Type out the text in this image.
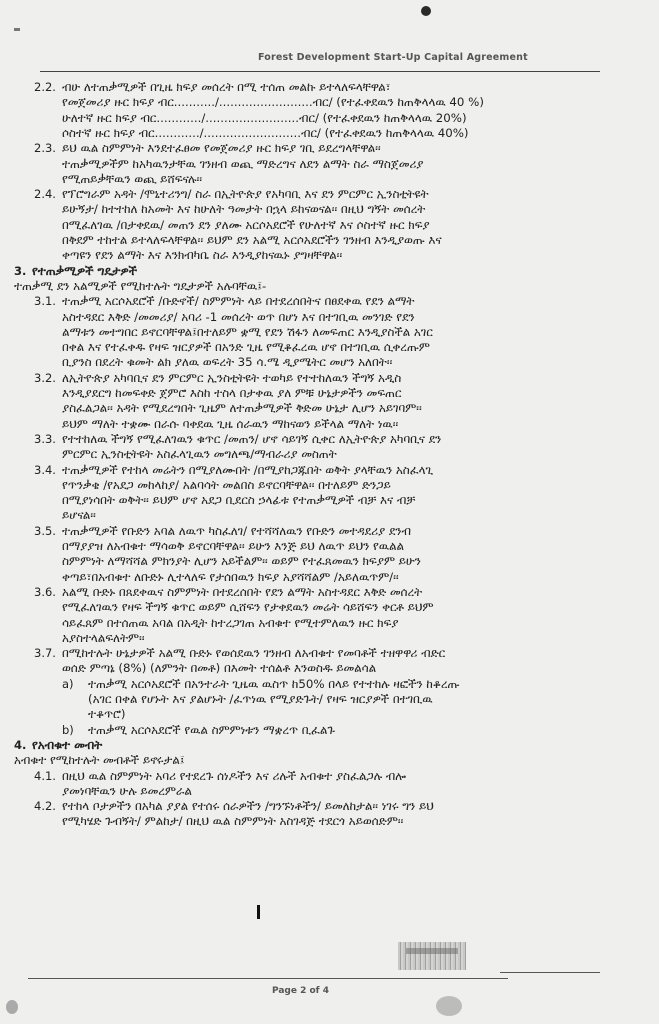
Forest Development Start-Up Capital Agreement
2.2. ብሁ ለተጠቃሚዎች በጊዜ ክፍያ መሰረት በሚ ተሰጠ መልኩ ይተላለፍላቸዋል፣
የመጀመሪያ ዙር ክፍያ ብር.........../.........................ብር/ (የተፈቀደዉን ከጠቅላላዉ 40 %)
ሁለተኛ ዙር ክፍያ ብር............/.........................ብር/ (የተፈቀደዉን ከጠቅላላዉ 20%)
ሶስተኛ ዙር ክፍያ ብር............/..........................ብር/ (የተፈቀደዉን ከጠቅላላዉ 40%)
2.3. ይህ ዉል ስምምነት እንደተፈፀመ የመጀመሪያ ዙር ክፍያ ገቢ ይደረግላቸዋል፡፡
ተጠቃሚዎችም ከአካዉንታቸዉ ገንዘብ ወጪ ማድረግና ለደን ልማት ስራ ማስጀመሪያ
የሚጠይቃቸዉን ወጪ ይሸፍናሉ፡፡
2.4. የፕሮግራም አዳት /ሞኒተሪንግ/ ስራ በኢትዮጵያ የአካባቢ እና ደን ምርምር ኢንስቲትዩት
ይሁኝታ/ ከተተከለ ከአመት እና ከሁለት ዓመታት በኋላ ይከናወናል፡፡ በዚህ ግኝት መሰረት
በሚፈለገዉ /በታቀደዉ/ መጠን ደን ያለሙ አርሶአደሮች የሁለተኛ እና ሶስተኛ ዙር ክፍያ
በቅደም ተከተል ይተላለፍላቸዋል፡፡ ይህም ደን አልሚ አርሶአደሮችን ገንዘብ እንዲያወጡ እና
ቀጣዩን የደን ልማት እና እንክብካቤ ስራ እንዲያከናዉኑ ያግዛቸዋል፡፡
3. የተጠቃሚዎች ግዴታዎች
ተጠቃሚ ደን አልሚዎች የሚከተሉት ግዴታዎች አሉባቸዉ፤-
3.1. ተጠቃሚ አርሶአደሮች /ቡድኖች/ ስምምነት ላይ በተደረሰበትና በፀደቀዉ የደን ልማት
አስተዳደር እቅድ /መመሪያ/ አባሪ -1 መሰረት ወጥ በሆነ እና በተገቢዉ መንገድ የደን
ልማቱን መተግበር ይኖርባቸዋል፤በተለይም ቋሚ የደን ሽፋን ለመፍጠር እንዲያስችል አገር
በቀል እና የተፈቀዱ የዛፍ ዝርያዎች በአንድ ጊዜ የሚቆፈረዉ ሆኖ በተገቢዉ ሲቀረጡም
ቢያንስ በደረት ቁመት ልክ ያለዉ ወፍረት 35 ሳ.ሜ ዲያሜትር መሆን አለበት፡፡
3.2. ለኢትዮጵያ አካባቢና ደን ምርምር ኢንስቲትዩት ተወካይ የተተከለዉን ችግኝ አዲስ
እንዲያደርግ ከመፍቀድ ጀምሮ እስከ ተስላ በታቀዉ ያለ ምቹ ሁኔታዎችን መፍጠር
ያስፈልጋል፡፡ አዳት የሚደረግበት ጊዜም ለተጠቃሚዎች ቅድመ ሁኔታ ሊሆን አይገባም፡፡
ይህም ማለት ተቋሙ በራሱ ባቀደዉ ጊዜ ሰራዉን ማከናወን ይችላል ማለት ነዉ፡፡
3.3. የተተከለዉ ችግኝ የሚፈለገዉን ቁጥር /መጠን/ ሆኖ ሳይገኝ ሲቀር ለኢትዮጵያ አካባቢና ደን
ምርምር ኢንስቲትዩት አስፈላጊዉን መግለጫ/ማብራሪያ መስጠት
3.4. ተጠቃሚዎች የተከላ መሬትን በሚያለሙበት /በሚያከጋጁበት ወቅት ያላቸዉን አስፈላጊ
የጥንቃቄ /የአደጋ መከላከያ/ አልባሳት መልበስ ይኖርባቸዋል፡፡ በተለይም ድንጋይ
በሚያነሳበት ወቅት፡፡ ይህም ሆኖ አደጋ ቢደርስ ኃላፊቱ የተጠቃሚዎች ብቻ እና ብቻ
ይሆናል፡፡
3.5. ተጠቃሚዎች የቡድን አባል ለዉጥ ካስፈለገ/ የተሻሻለዉን የቡድን መተዳደሪያ ደንብ
በማያያዝ ለአብቁተ ማሳወቅ ይኖርባቸዋል፡፡ ይሁን እንጅ ይህ ለዉጥ ይህን የዉልል
ስምምነት ለማሻሻል ምክንያት ሊሆን አይችልም፡፡ ወይም የተፈጸመዉን ክፍያም ይሁን
ቀጣይ፣በአብቁተ ለቡድኑ ሊተላለፍ የታሰበዉን ክፍያ አያሻሻልም /አይለዉጥም/፡፡
3.6. አልሚ ቡድኑ በጸደቀዉና ስምምነት በተደረሰበት የደን ልማት አስተዳደር እቅድ መሰረት
የሚፈለገዉን የዛፍ ችግኝ ቁጥር ወይም ሲሸፍን የታቀደዉን መሬት ሳይሸፍን ቀርቶ ይህም
ሳይፈጸም በተሰጠዉ አባል በአዲት ከተረጋገጠ አብቁተ የሚተምለዉን ዙር ክፍያ
አያስተላልፍለትም፡፡
3.7. በሚከተሉት ሁኔታዎች አልሚ ቡድኑ የወሰደዉን ገንዘብ ለአብቁተ የመባቶች ተዘዋዋሪ ብድር
ወሰድ ምጣኔ (8%) (ለምንት በመቶ) በእመት ተሰልቶ እንወስዱ ይመልሳል
a) ተጠቃሚ አርሶአደሮች በአንተራት ጊዜዉ ዉስጥ ከ50% በላይ የተተከሉ ዛፎችን ከቆረጡ
(አገር በቀል የሆኑት እና ያልሆኑት /ፈጥነዉ የሚያድጉት/ የዛፍ ዝርያዎች በተገቢዉ
ተቆጥሮ)
b) ተጠቃሚ አርሶአደሮች የዉል ስምምነቱን ማቋረጥ ቢፈልጉ
4. የአብቁተ መብት
አብቁተ የሚከተሉት መብቶች ይኖሩታል፤
4.1. በዚህ ዉል ስምምነት አባሪ የተደረጉ ሰነዶችን እና ሪሉች አብቁተ ያስፈልጋሉ ብሎ
ያመነባቸዉን ሁሉ ይመረምራል
4.2. የተከላ ቦታዎችን በአካል ያያል የተሰሩ ሰራዎችን /ግንኙነቶችን/ ይመለከታል፡፡ ነገሩ ግን ይህ
የሚካሄድ ጉብኝት/ ምልከታ/ በዚህ ዉል ስምምነት አስገዳጅ ተደርጎ አይወሰድም፡፡
Page 2 of 4
